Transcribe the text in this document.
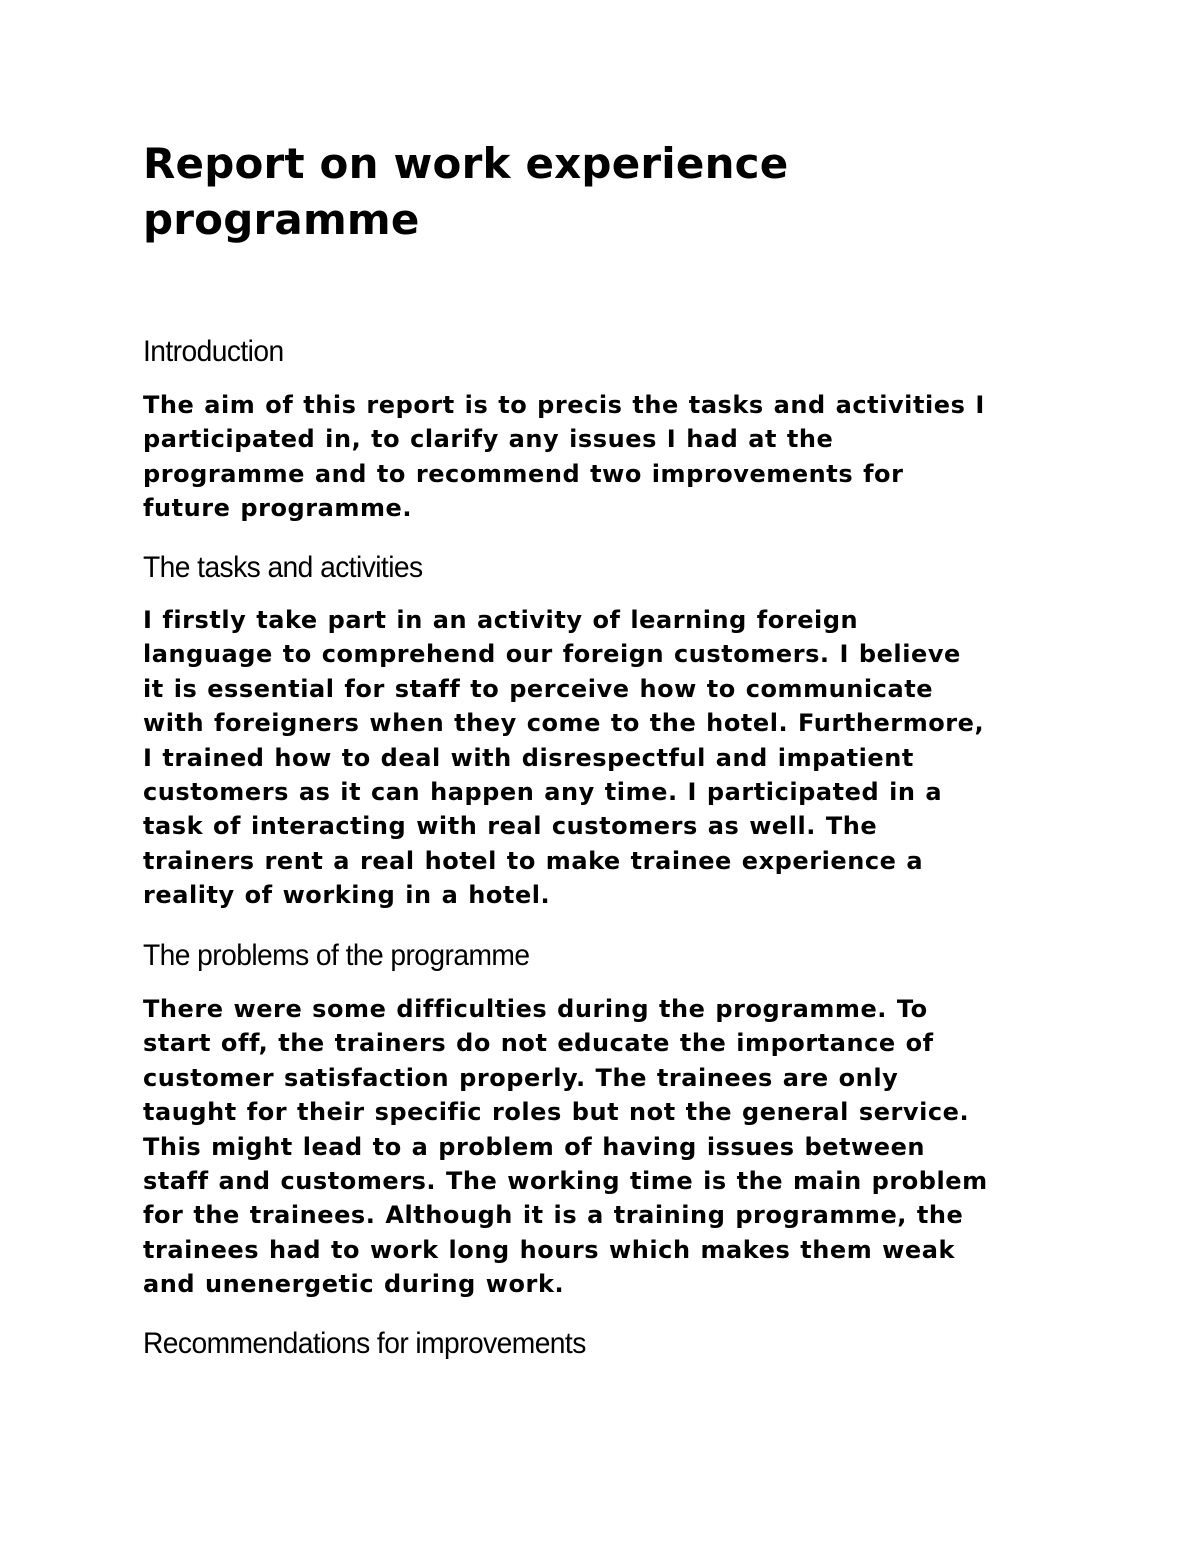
Report on work experience
programme
Introduction

The aim of this report is to precis the tasks and activities I
participated in, to clarify any issues I had at the
programme and to recommend two improvements for
future programme.

The tasks and activities

I firstly take part in an activity of learning foreign
language to comprehend our foreign customers. I believe
it is essential for staff to perceive how to communicate
with foreigners when they come to the hotel. Furthermore,
I trained how to deal with disrespectful and impatient
customers as it can happen any time. I participated in a
task of interacting with real customers as well. The
trainers rent a real hotel to make trainee experience a
reality of working in a hotel.

The problems of the programme

There were some difficulties during the programme. To
start off, the trainers do not educate the importance of
customer satisfaction properly. The trainees are only
taught for their specific roles but not the general service.
This might lead to a problem of having issues between
staff and customers. The working time is the main problem
for the trainees. Although it is a training programme, the
trainees had to work long hours which makes them weak
and unenergetic during work.

Recommendations for improvements
